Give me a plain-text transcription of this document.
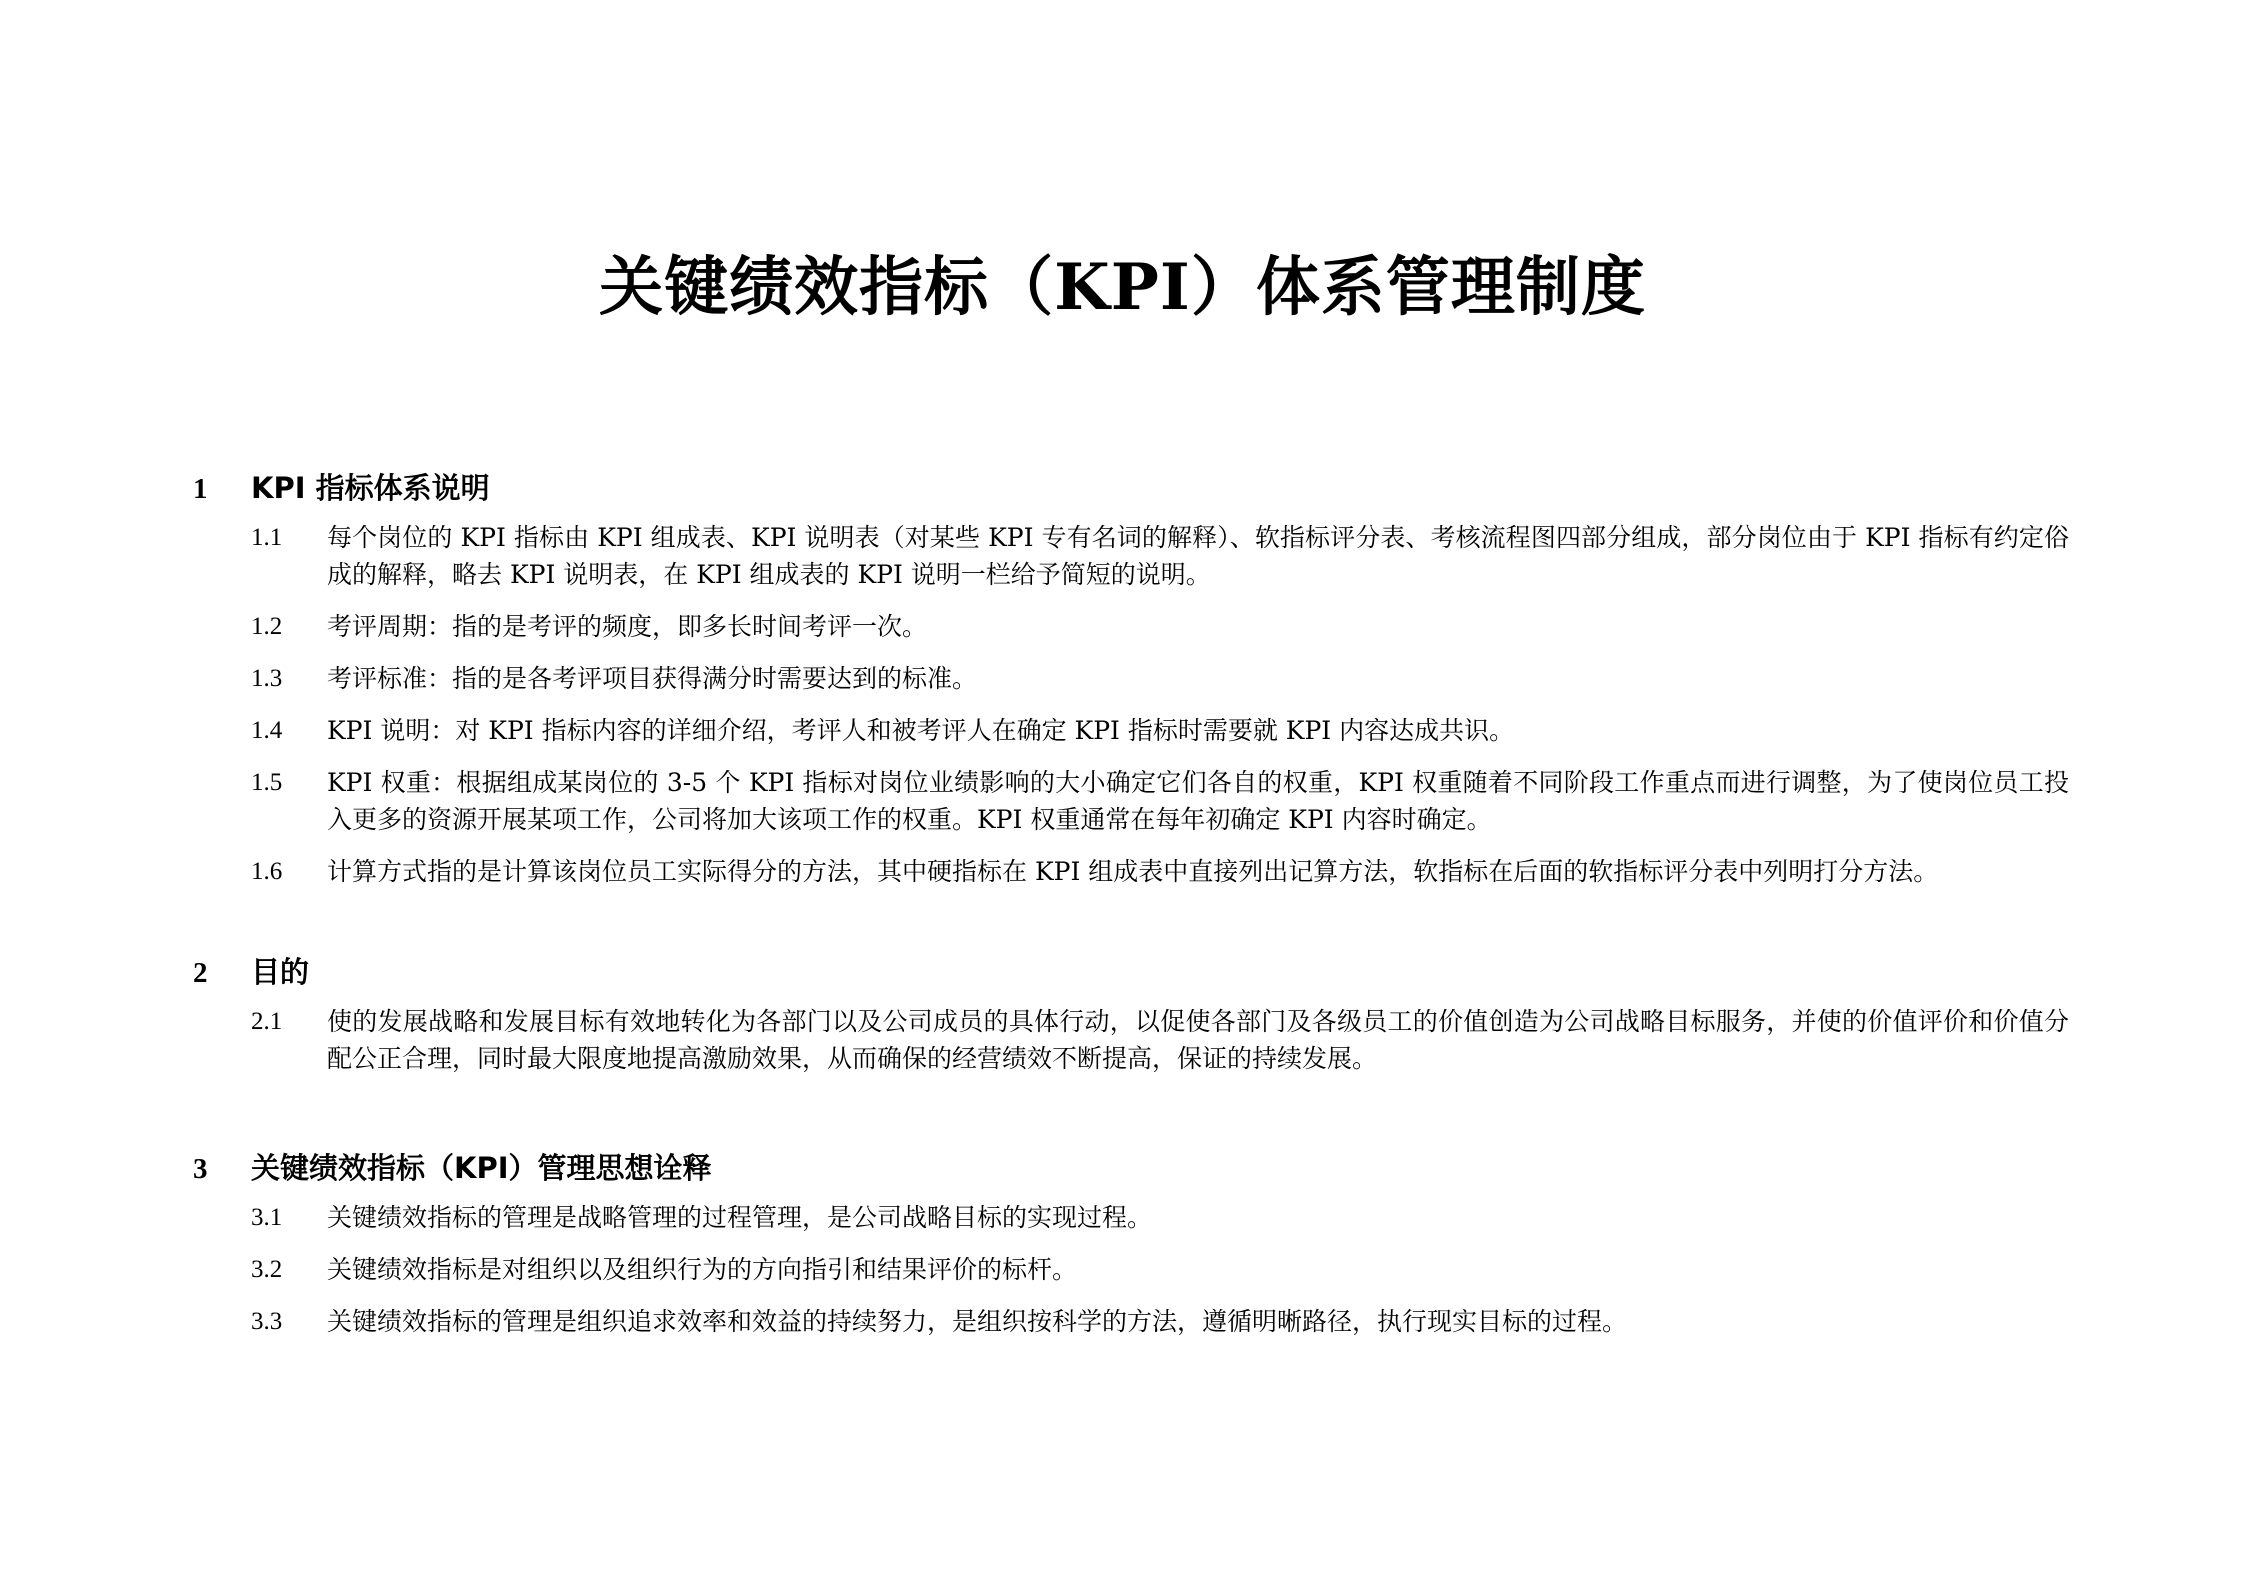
关键绩效指标（KPI）体系管理制度
1	KPI 指标体系说明
1.1	每个岗位的 KPI 指标由 KPI 组成表、KPI 说明表（对某些 KPI 专有名词的解释）、软指标评分表、考核流程图四部分组成，部分岗位由于 KPI 指标有约定俗成的解释，略去 KPI 说明表，在 KPI 组成表的 KPI 说明一栏给予简短的说明。
1.2	考评周期：指的是考评的频度，即多长时间考评一次。
1.3	考评标准：指的是各考评项目获得满分时需要达到的标准。
1.4	KPI 说明：对 KPI 指标内容的详细介绍，考评人和被考评人在确定 KPI 指标时需要就 KPI 内容达成共识。
1.5	KPI 权重：根据组成某岗位的 3-5 个 KPI 指标对岗位业绩影响的大小确定它们各自的权重，KPI 权重随着不同阶段工作重点而进行调整，为了使岗位员工投入更多的资源开展某项工作，公司将加大该项工作的权重。KPI 权重通常在每年初确定 KPI 内容时确定。
1.6	计算方式指的是计算该岗位员工实际得分的方法，其中硬指标在 KPI 组成表中直接列出记算方法，软指标在后面的软指标评分表中列明打分方法。
2	目的
2.1	使的发展战略和发展目标有效地转化为各部门以及公司成员的具体行动，以促使各部门及各级员工的价值创造为公司战略目标服务，并使的价值评价和价值分配公正合理，同时最大限度地提高激励效果，从而确保的经营绩效不断提高，保证的持续发展。
3	关键绩效指标（KPI）管理思想诠释
3.1	关键绩效指标的管理是战略管理的过程管理，是公司战略目标的实现过程。
3.2	关键绩效指标是对组织以及组织行为的方向指引和结果评价的标杆。
3.3	关键绩效指标的管理是组织追求效率和效益的持续努力，是组织按科学的方法，遵循明晰路径，执行现实目标的过程。
